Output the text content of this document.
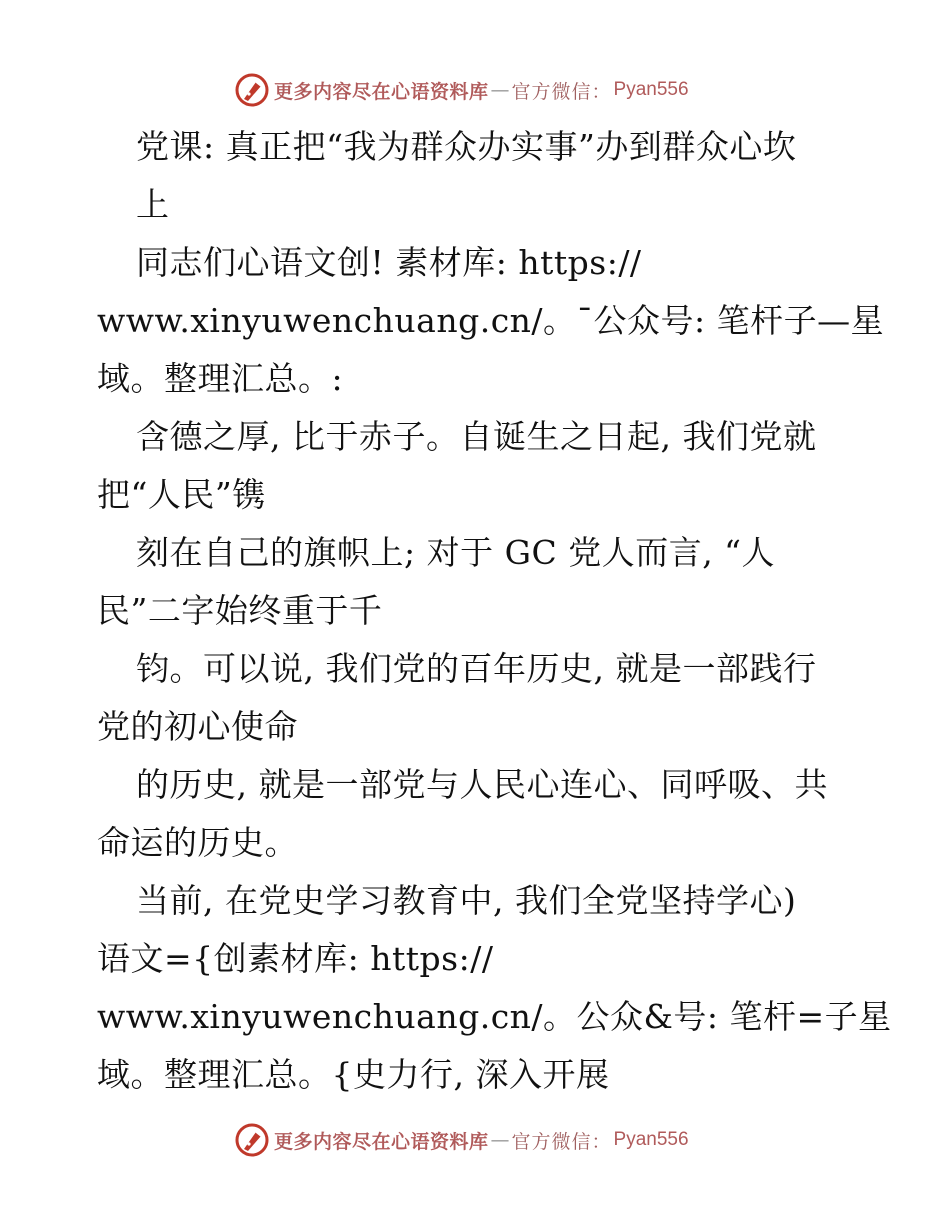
更多内容尽在心语资料库 — 官方微信： Pyan556
党课: 真正把“我为群众办实事”办到群众心坎
上
同志们心语文创! 素材库: https://
www.xinyuwenchuang.cn/。¯公众号: 笔杆子—星
域。整理汇总。:
含德之厚, 比于赤子。自诞生之日起, 我们党就
把“人民”镌
刻在自己的旗帜上; 对于 GC 党人而言, “人
民”二字始终重于千
钧。可以说, 我们党的百年历史, 就是一部践行
党的初心使命
的历史, 就是一部党与人民心连心、同呼吸、共
命运的历史。
当前, 在党史学习教育中, 我们全党坚持学心)
语文={创素材库: https://
www.xinyuwenchuang.cn/。公众&号: 笔杆=子星
域。整理汇总。{史力行, 深入开展
更多内容尽在心语资料库 — 官方微信： Pyan556
